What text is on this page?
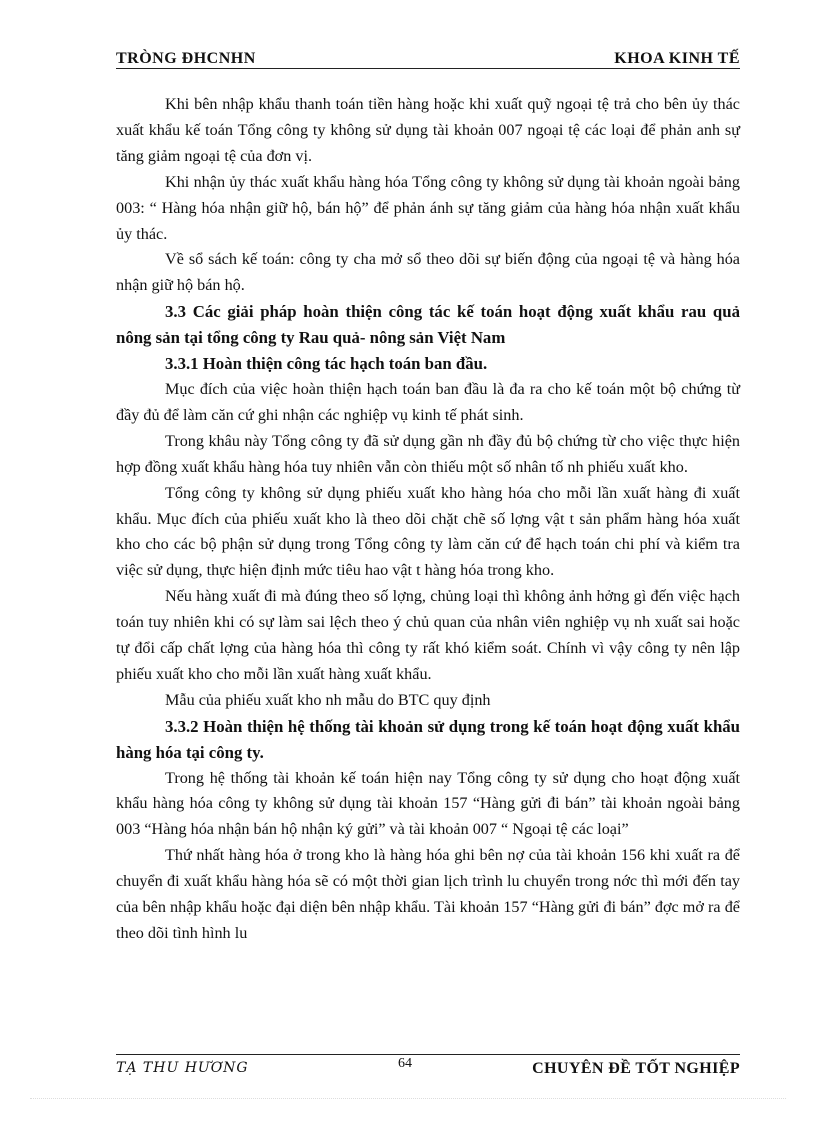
TRÒNG ĐHCNHN	KHOA KINH TẾ

Khi bên nhập khẩu thanh toán tiền hàng hoặc khi xuất quỹ ngoại tệ trả cho bên ủy thác xuất khẩu kế toán Tổng công ty không sử dụng tài khoản 007 ngoại tệ các loại để phản anh sự tăng giảm ngoại tệ của đơn vị.

Khi nhận ủy thác xuất khẩu hàng hóa Tổng công ty không sử dụng tài khoản ngoài bảng 003: “ Hàng hóa nhận giữ hộ, bán hộ” để phản ánh sự tăng giảm của hàng hóa nhận xuất khẩu ủy thác.

Về sổ sách kế toán: công ty cha mở sổ theo dõi sự biến động của ngoại tệ và hàng hóa nhận giữ hộ bán hộ.

3.3 Các giải pháp hoàn thiện công tác kế toán hoạt động xuất khẩu rau quả nông sản tại tổng công ty Rau quả- nông sản Việt Nam

3.3.1 Hoàn thiện công tác hạch toán ban đầu.

Mục đích của việc hoàn thiện hạch toán ban đầu là đa ra cho kế toán một bộ chứng từ đầy đủ để làm căn cứ ghi nhận các nghiệp vụ kinh tế phát sinh.

Trong khâu này Tổng công ty đã sử dụng gần nh đầy đủ bộ chứng từ cho việc thực hiện hợp đồng xuất khẩu hàng hóa tuy nhiên vẫn còn thiếu một số nhân tố nh phiếu xuất kho.

Tổng công ty không sử dụng phiếu xuất kho hàng hóa cho mỗi lần xuất hàng đi xuất khẩu. Mục đích của phiếu xuất kho là theo dõi chặt chẽ số lợng vật t sản phẩm hàng hóa xuất kho cho các bộ phận sử dụng trong Tổng công ty làm căn cứ để hạch toán chi phí và kiểm tra việc sử dụng, thực hiện định mức tiêu hao vật t hàng hóa trong kho.

Nếu hàng xuất đi mà đúng theo số lợng, chủng loại thì không ảnh hởng gì đến việc hạch toán tuy nhiên khi có sự làm sai lệch theo ý chủ quan của nhân viên nghiệp vụ nh xuất sai hoặc tự đổi cấp chất lợng của hàng hóa thì công ty rất khó kiểm soát. Chính vì vậy công ty nên lập phiếu xuất kho cho mỗi lần xuất hàng xuất khẩu.

Mẫu của phiếu xuất kho nh mẫu do BTC quy định

3.3.2 Hoàn thiện hệ thống tài khoản sử dụng trong kế toán hoạt động xuất khẩu hàng hóa tại công ty.

Trong hệ thống tài khoản kế toán hiện nay Tổng công ty sử dụng cho hoạt động xuất khẩu hàng hóa công ty không sử dụng tài khoản 157 “Hàng gửi đi bán” tài khoản ngoài bảng 003 “Hàng hóa nhận bán hộ nhận ký gửi” và tài khoản 007 “ Ngoại tệ các loại”

Thứ nhất hàng hóa ở trong kho là hàng hóa ghi bên nợ của tài khoản 156 khi xuất ra để chuyển đi xuất khẩu hàng hóa sẽ có một thời gian lịch trình lu chuyển trong nớc thì mới đến tay của bên nhập khẩu hoặc đại diện bên nhập khẩu. Tài khoản 157 “Hàng gửi đi bán” đợc mở ra để theo dõi tình hình lu

TẠ THU HƯƠNG	64	CHUYÊN ĐỀ TỐT NGHIỆP
